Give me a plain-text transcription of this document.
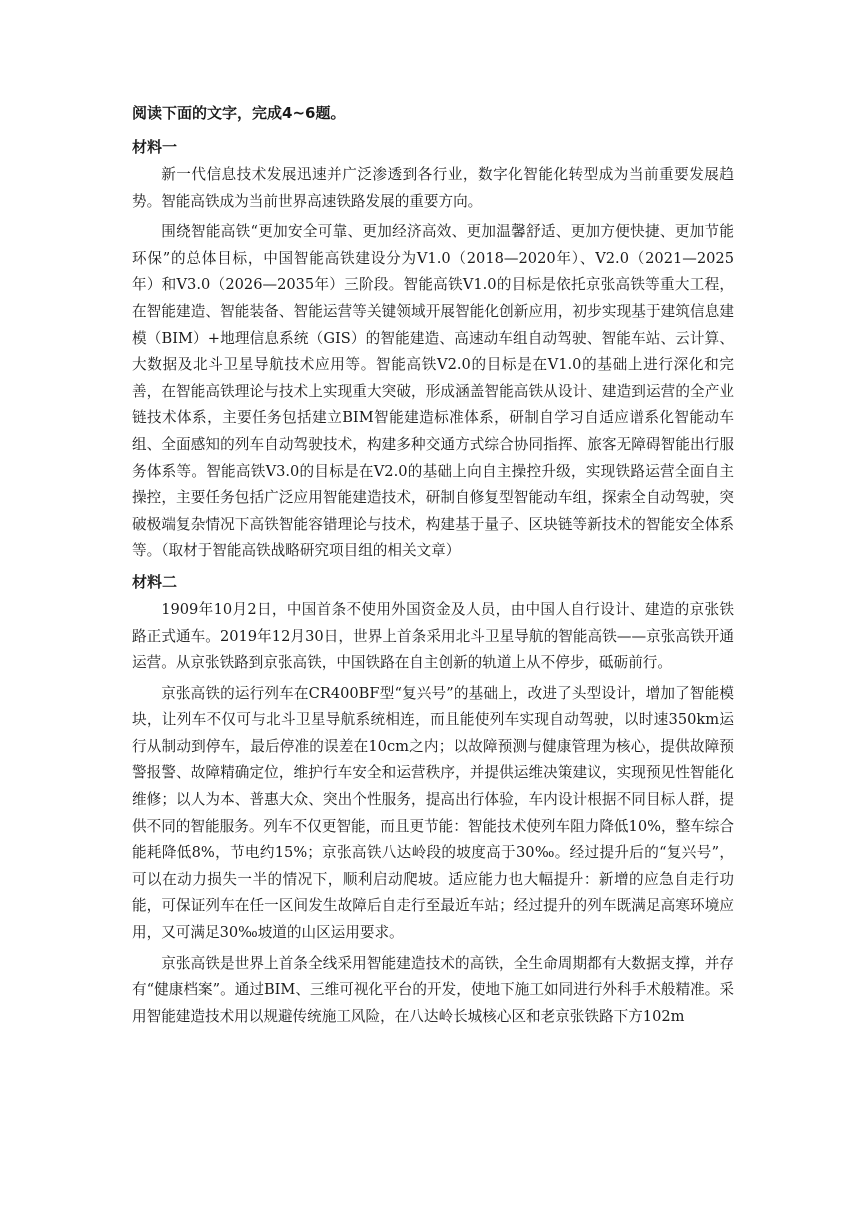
阅读下面的文字，完成4~6题。
材料一

新一代信息技术发展迅速并广泛渗透到各行业，数字化智能化转型成为当前重要发展趋势。智能高铁成为当前世界高速铁路发展的重要方向。

围绕智能高铁“更加安全可靠、更加经济高效、更加温馨舒适、更加方便快捷、更加节能环保”的总体目标，中国智能高铁建设分为V1.0（2018—2020年）、V2.0（2021—2025年）和V3.0（2026—2035年）三阶段。智能高铁V1.0的目标是依托京张高铁等重大工程，在智能建造、智能装备、智能运营等关键领域开展智能化创新应用，初步实现基于建筑信息建模（BIM）+地理信息系统（GIS）的智能建造、高速动车组自动驾驶、智能车站、云计算、大数据及北斗卫星导航技术应用等。智能高铁V2.0的目标是在V1.0的基础上进行深化和完善，在智能高铁理论与技术上实现重大突破，形成涵盖智能高铁从设计、建造到运营的全产业链技术体系，主要任务包括建立BIM智能建造标准体系，研制自学习自适应谱系化智能动车组、全面感知的列车自动驾驶技术，构建多种交通方式综合协同指挥、旅客无障碍智能出行服务体系等。智能高铁V3.0的目标是在V2.0的基础上向自主操控升级，实现铁路运营全面自主操控，主要任务包括广泛应用智能建造技术，研制自修复型智能动车组，探索全自动驾驶，突破极端复杂情况下高铁智能容错理论与技术，构建基于量子、区块链等新技术的智能安全体系等。（取材于智能高铁战略研究项目组的相关文章）

材料二

1909年10月2日，中国首条不使用外国资金及人员，由中国人自行设计、建造的京张铁路正式通车。2019年12月30日，世界上首条采用北斗卫星导航的智能高铁——京张高铁开通运营。从京张铁路到京张高铁，中国铁路在自主创新的轨道上从不停步，砥砺前行。

京张高铁的运行列车在CR400BF型“复兴号”的基础上，改进了头型设计，增加了智能模块，让列车不仅可与北斗卫星导航系统相连，而且能使列车实现自动驾驶，以时速350km运行从制动到停车，最后停准的误差在10cm之内；以故障预测与健康管理为核心，提供故障预警报警、故障精确定位，维护行车安全和运营秩序，并提供运维决策建议，实现预见性智能化维修；以人为本、普惠大众、突出个性服务，提高出行体验，车内设计根据不同目标人群，提供不同的智能服务。列车不仅更智能，而且更节能：智能技术使列车阻力降低10%，整车综合能耗降低8%，节电约15%；京张高铁八达岭段的坡度高于30‰。经过提升后的“复兴号”，可以在动力损失一半的情况下，顺利启动爬坡。适应能力也大幅提升：新增的应急自走行功能，可保证列车在任一区间发生故障后自走行至最近车站；经过提升的列车既满足高寒环境应用，又可满足30‰坡道的山区运用要求。

京张高铁是世界上首条全线采用智能建造技术的高铁，全生命周期都有大数据支撑，并存有“健康档案”。通过BIM、三维可视化平台的开发，使地下施工如同进行外科手术般精准。采用智能建造技术用以规避传统施工风险，在八达岭长城核心区和老京张铁路下方102m
